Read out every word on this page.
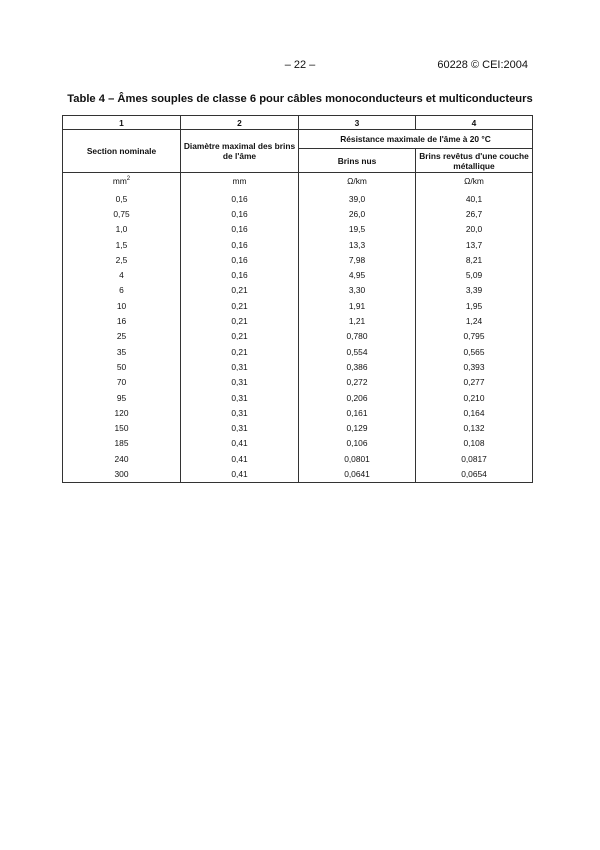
– 22 –	60228 © CEI:2004
Table 4 – Âmes souples de classe 6 pour câbles monoconducteurs et multiconducteurs
1	2	3	4
Section nominale	Diamètre maximal des brins de l'âme	Résistance maximale de l'âme à 20 °C	
		Brins nus	Brins revêtus d'une couche métallique
$mm^2$	mm	Ω/km	Ω/km
0,5	0,16	39,0	40,1
0,75	0,16	26,0	26,7
1,0	0,16	19,5	20,0
1,5	0,16	13,3	13,7
2,5	0,16	7,98	8,21
4	0,16	4,95	5,09
6	0,21	3,30	3,39
10	0,21	1,91	1,95
16	0,21	1,21	1,24
25	0,21	0,780	0,795
35	0,21	0,554	0,565
50	0,31	0,386	0,393
70	0,31	0,272	0,277
95	0,31	0,206	0,210
120	0,31	0,161	0,164
150	0,31	0,129	0,132
185	0,41	0,106	0,108
240	0,41	0,0801	0,0817
300	0,41	0,0641	0,0654
